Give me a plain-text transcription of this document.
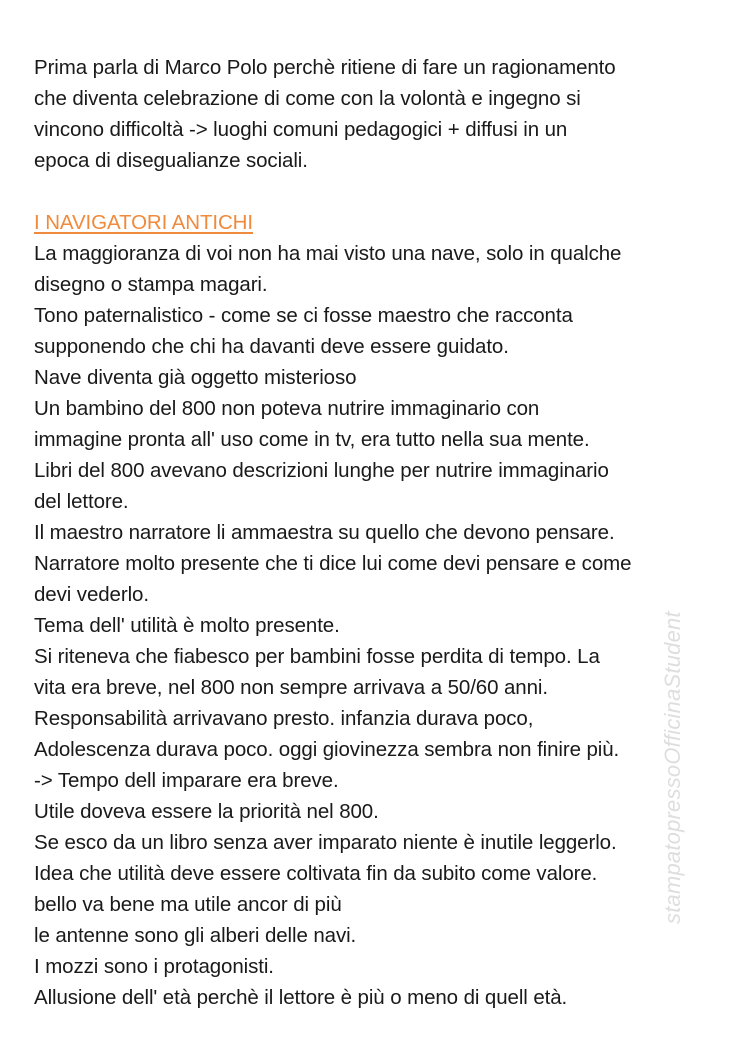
Prima parla di Marco Polo perchè ritiene di fare un ragionamento
che diventa celebrazione di come con la volontà e ingegno si
vincono difficoltà -> luoghi comuni pedagogici + diffusi in un
epoca di disegualianze sociali.
I NAVIGATORI ANTICHI
La maggioranza di voi non ha mai visto una nave, solo in qualche
disegno o stampa magari.
Tono paternalistico - come se ci fosse maestro che racconta
supponendo che chi ha davanti deve essere guidato.
Nave diventa già oggetto misterioso
Un bambino del 800 non poteva nutrire immaginario con
immagine pronta all' uso come in tv, era tutto nella sua mente.
Libri del 800 avevano descrizioni lunghe per nutrire immaginario
del lettore.
Il maestro narratore li ammaestra su quello che devono pensare.
Narratore molto presente che ti dice lui come devi pensare e come
devi vederlo.
Tema dell' utilità è molto presente.
Si riteneva che fiabesco per bambini fosse perdita di tempo. La
vita era breve, nel 800 non sempre arrivava a 50/60 anni.
Responsabilità arrivavano presto. infanzia durava poco,
Adolescenza durava poco. oggi giovinezza sembra non finire più.
-> Tempo dell imparare era breve.
Utile doveva essere la priorità nel 800.
Se esco da un libro senza aver imparato niente è inutile leggerlo.
Idea che utilità deve essere coltivata fin da subito come valore.
bello va bene ma utile ancor di più
le antenne sono gli alberi delle navi.
I mozzi sono i protagonisti.
Allusione dell' età perchè il lettore è più o meno di quell età.
stampatopressoOfficinaStudent
